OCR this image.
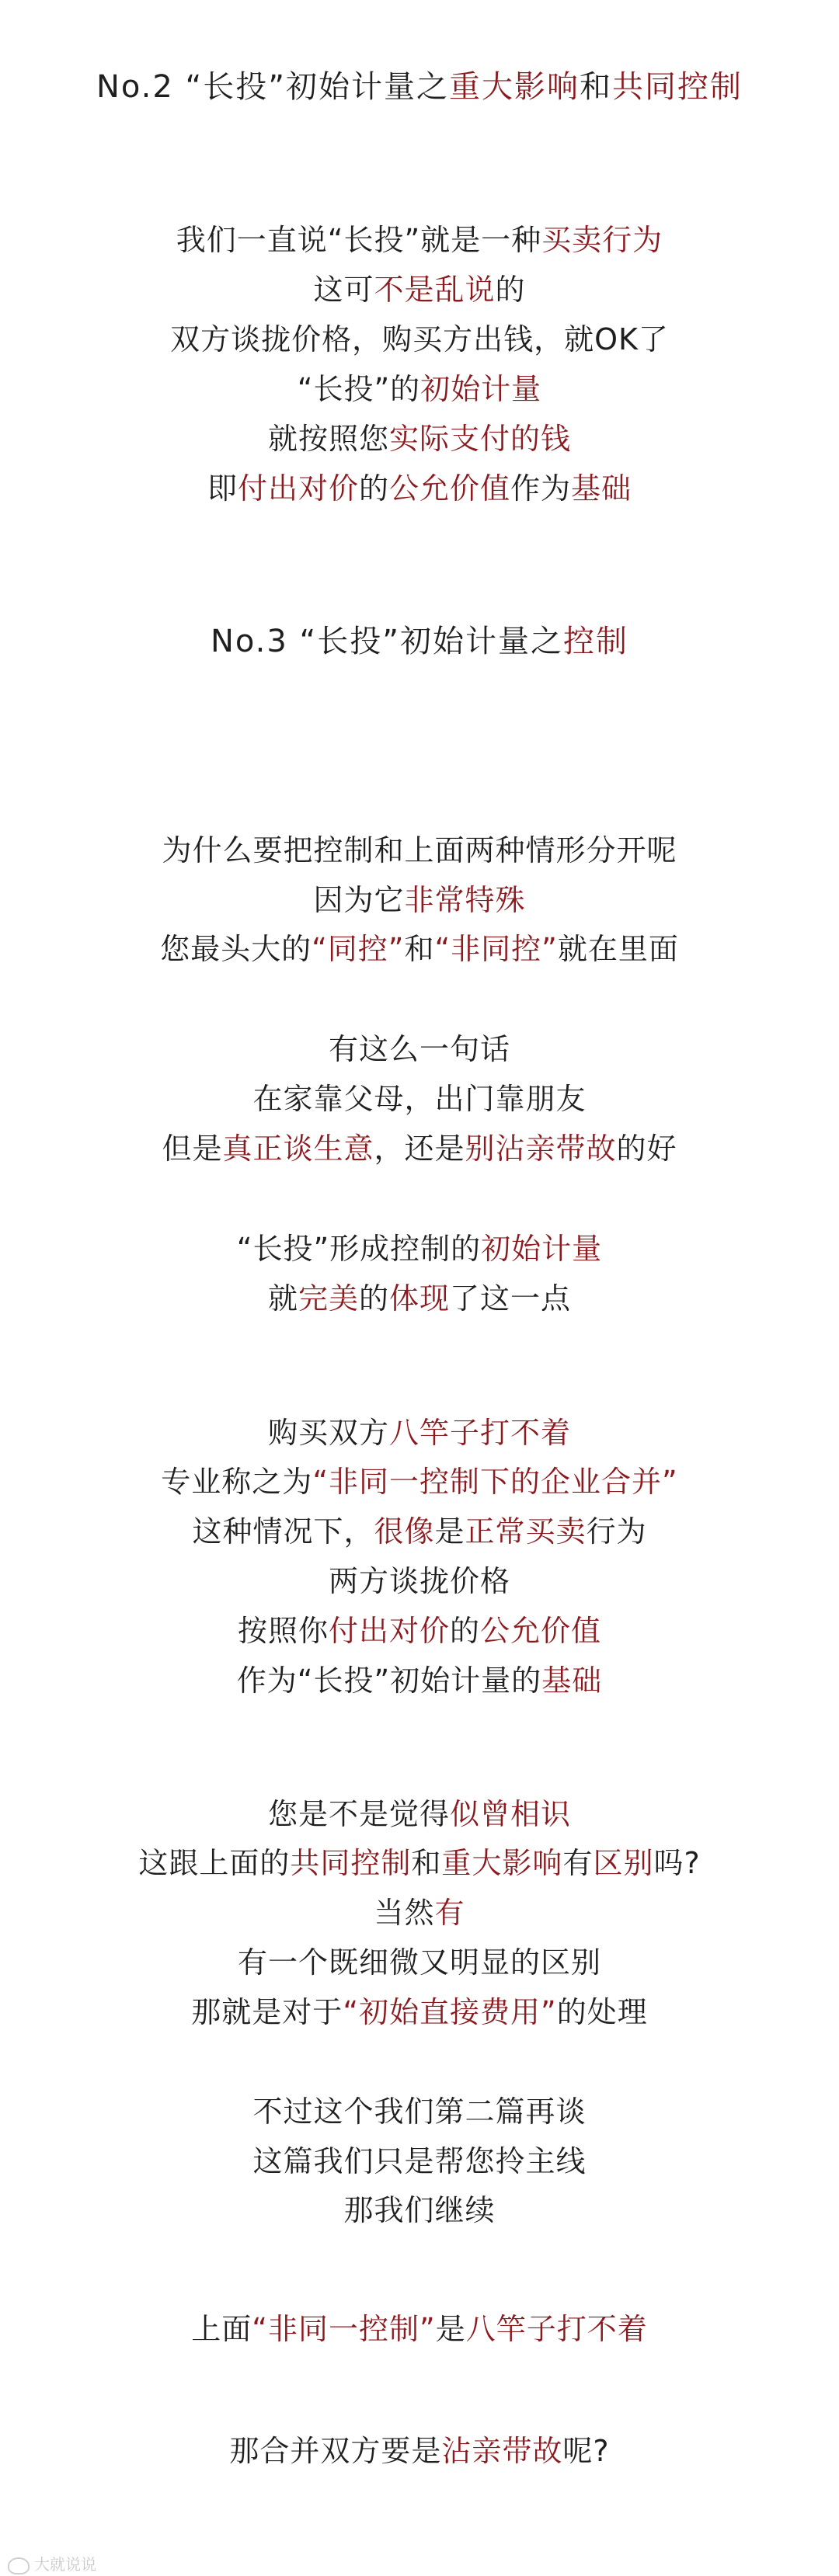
No.2 “长投”初始计量之重大影响和共同控制
我们一直说“长投”就是一种买卖行为
这可不是乱说的
双方谈拢价格，购买方出钱，就OK了
“长投”的初始计量
就按照您实际支付的钱
即付出对价的公允价值作为基础
No.3 “长投”初始计量之控制
为什么要把控制和上面两种情形分开呢
因为它非常特殊
您最头大的“同控”和“非同控”就在里面
有这么一句话
在家靠父母，出门靠朋友
但是真正谈生意，还是别沾亲带故的好
“长投”形成控制的初始计量
就完美的体现了这一点
购买双方八竿子打不着
专业称之为“非同一控制下的企业合并”
这种情况下，很像是正常买卖行为
两方谈拢价格
按照你付出对价的公允价值
作为“长投”初始计量的基础
您是不是觉得似曾相识
这跟上面的共同控制和重大影响有区别吗?
当然有
有一个既细微又明显的区别
那就是对于“初始直接费用”的处理
不过这个我们第二篇再谈
这篇我们只是帮您拎主线
那我们继续
上面“非同一控制”是八竿子打不着
那合并双方要是沾亲带故呢?
大就说说
